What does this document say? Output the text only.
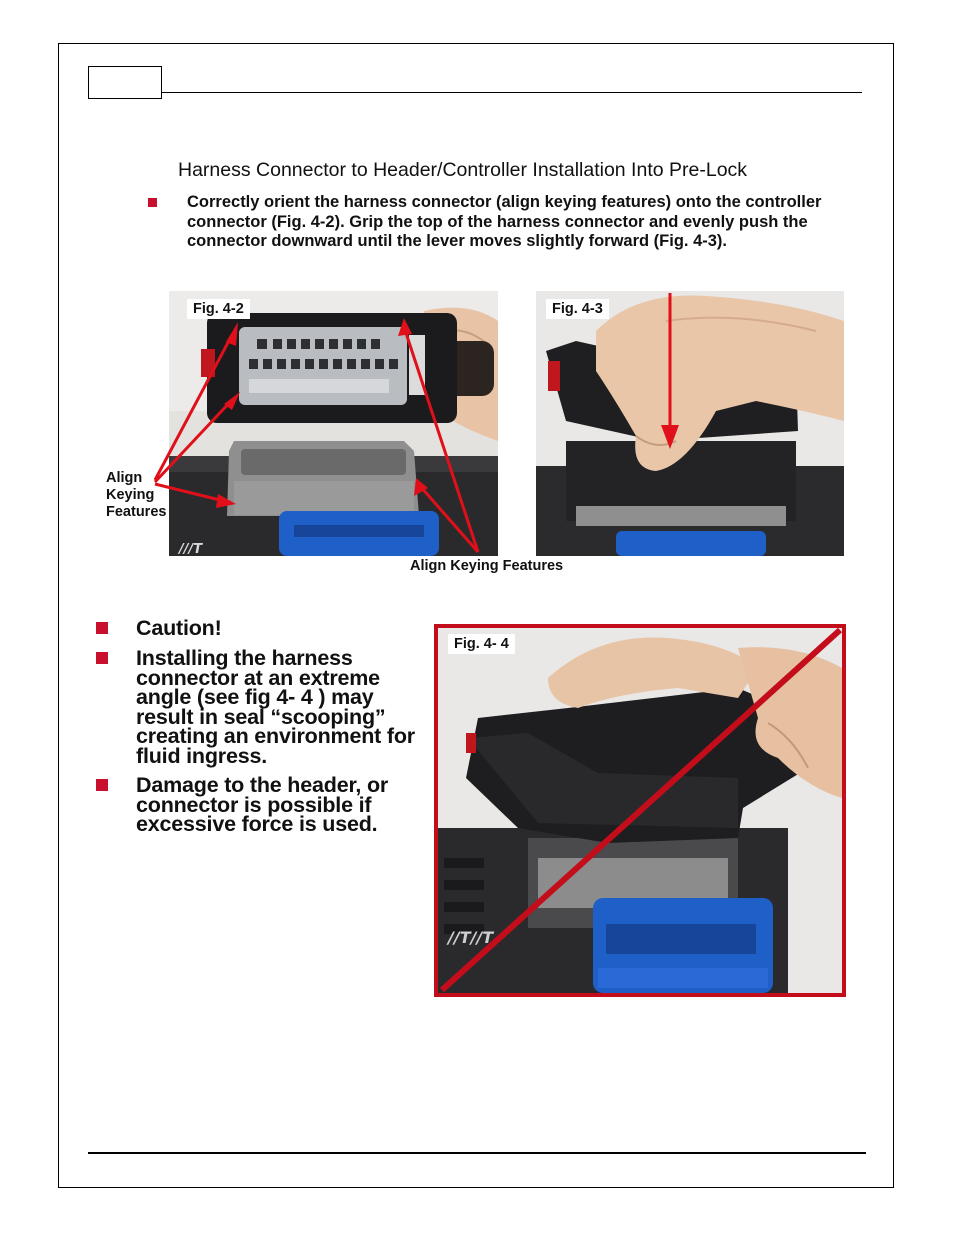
Harness Connector to Header/Controller Installation Into Pre-Lock
Correctly orient the harness connector (align keying features) onto the controller connector (Fig. 4-2). Grip the top of the harness connector and evenly push the connector downward until the lever moves slightly forward (Fig. 4-3).
///T
Fig. 4-2	Fig. 4-3
Align
Keying
Features
Align Keying Features
Caution!
Installing the harness connector at an extreme angle (see fig 4- 4 ) may result in seal “scooping” creating an environment for fluid ingress.
Damage to the header, or connector is possible if excessive force is used.
//T//T
Fig. 4- 4
